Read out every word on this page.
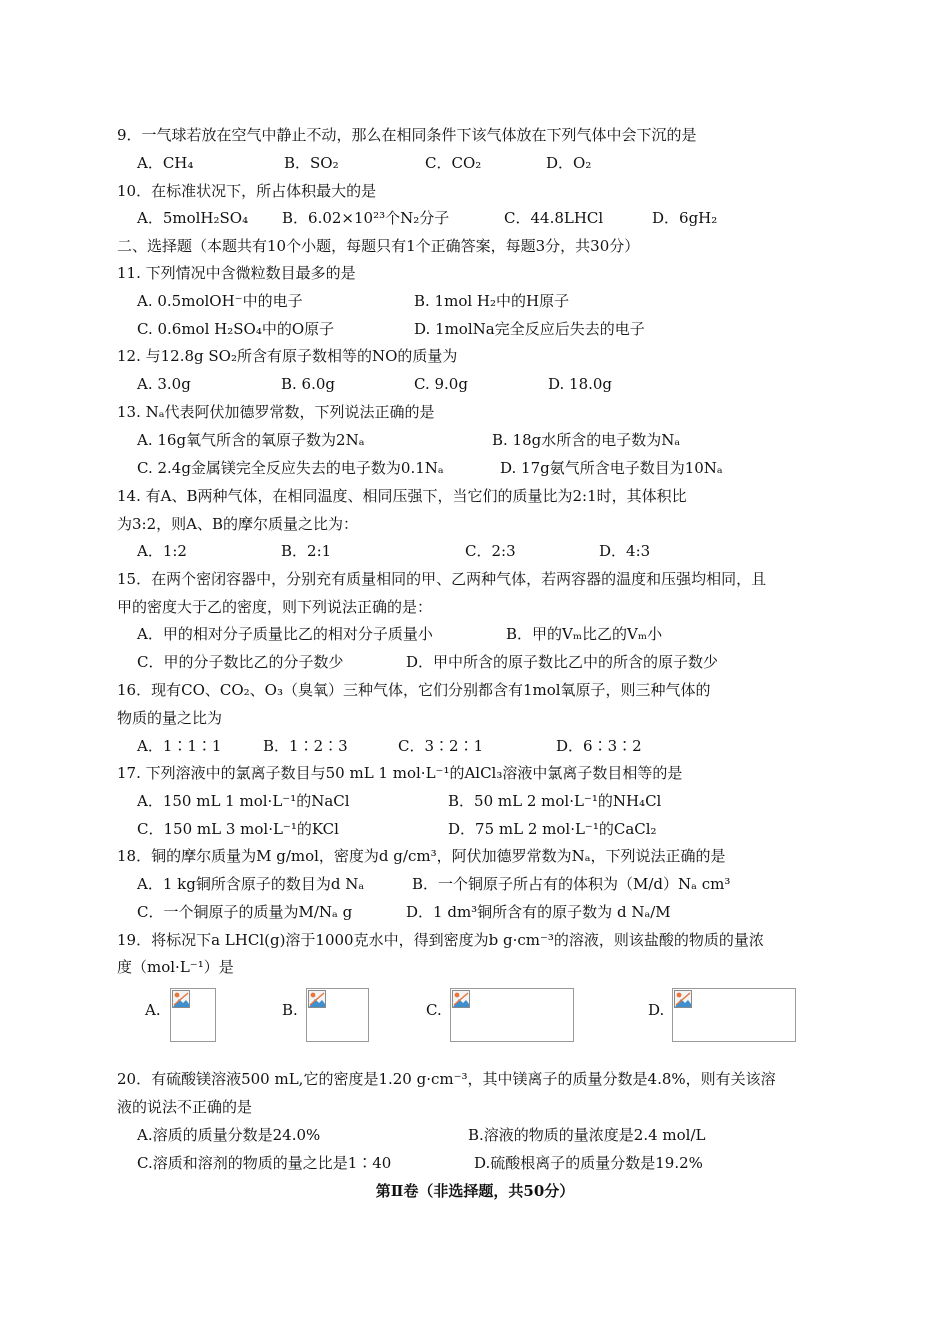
9．一气球若放在空气中静止不动，那么在相同条件下该气体放在下列气体中会下沉的是
A．CH₄	B．SO₂	C．CO₂	D．O₂
10．在标准状况下，所占体积最大的是
A．5molH₂SO₄ B．6.02×10²³个N₂分子	C．44.8LHCl	D．6gH₂
二、选择题（本题共有10个小题，每题只有1个正确答案，每题3分，共30分）
11. 下列情况中含微粒数目最多的是
A. 0.5molOH⁻中的电子	B. 1mol H₂中的H原子
C. 0.6mol H₂SO₄中的O原子	D. 1molNa完全反应后失去的电子
12. 与12.8g SO₂所含有原子数相等的NO的质量为
A. 3.0g	B. 6.0g	C. 9.0g	D. 18.0g
13. Nₐ代表阿伏加德罗常数，下列说法正确的是
A. 16g氧气所含的氧原子数为2Nₐ	B. 18g水所含的电子数为Nₐ
C. 2.4g金属镁完全反应失去的电子数为0.1Nₐ	D. 17g氨气所含电子数目为10Nₐ
14. 有A、B两种气体，在相同温度、相同压强下，当它们的质量比为2:1时，其体积比
为3:2，则A、B的摩尔质量之比为：
A．1:2	B．2:1	C．2:3	D．4:3
15．在两个密闭容器中，分别充有质量相同的甲、乙两种气体，若两容器的温度和压强均相同，且
甲的密度大于乙的密度，则下列说法正确的是：
A．甲的相对分子质量比乙的相对分子质量小	B．甲的Vₘ比乙的Vₘ小
C．甲的分子数比乙的分子数少	D．甲中所含的原子数比乙中的所含的原子数少
16．现有CO、CO₂、O₃（臭氧）三种气体，它们分别都含有1mol氧原子，则三种气体的
物质的量之比为
A．1∶1∶1	B．1∶2∶3	C．3∶2∶1	D．6∶3∶2
17. 下列溶液中的氯离子数目与50 mL 1 mol·L⁻¹的AlCl₃溶液中氯离子数目相等的是
A．150 mL 1 mol·L⁻¹的NaCl	B．50 mL 2 mol·L⁻¹的NH₄Cl
C．150 mL 3 mol·L⁻¹的KCl	D．75 mL 2 mol·L⁻¹的CaCl₂
18．铜的摩尔质量为M g/mol，密度为d g/cm³，阿伏加德罗常数为Nₐ，下列说法正确的是
A．1 kg铜所含原子的数目为d Nₐ	B．一个铜原子所占有的体积为（M/d）Nₐ cm³
C．一个铜原子的质量为M/Nₐ g	D．1 dm³铜所含有的原子数为 d Nₐ/M
19．将标况下a LHCl(g)溶于1000克水中，得到密度为b g·cm⁻³的溶液，则该盐酸的物质的量浓
度（mol·L⁻¹）是
A.	B.	C.	D.
20．有硫酸镁溶液500 mL,它的密度是1.20 g·cm⁻³，其中镁离子的质量分数是4.8%，则有关该溶
液的说法不正确的是
A.溶质的质量分数是24.0%	B.溶液的物质的量浓度是2.4 mol/L
C.溶质和溶剂的物质的量之比是1∶40	D.硫酸根离子的质量分数是19.2%
第Ⅱ卷（非选择题，共50分）
